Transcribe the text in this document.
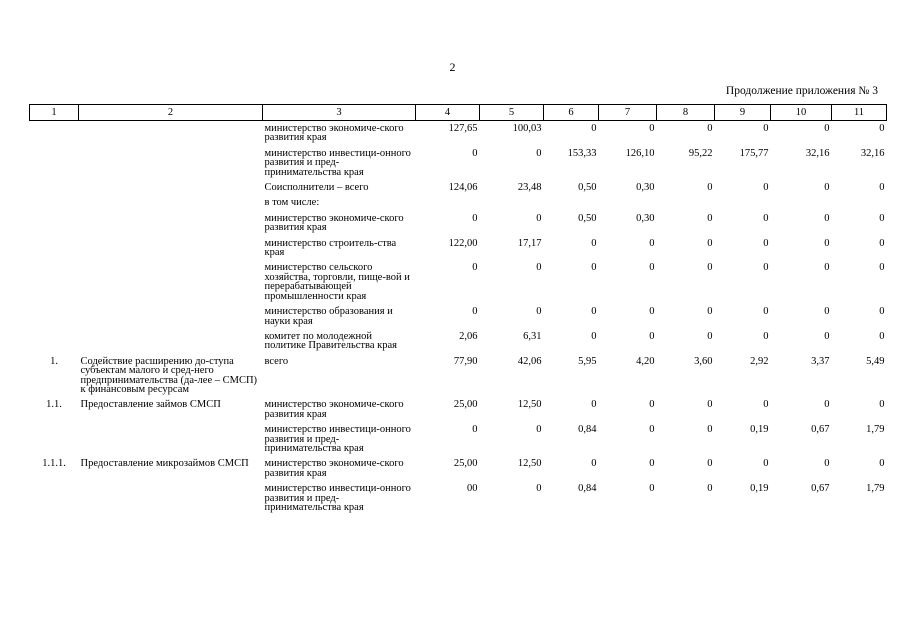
2
Продолжение приложения № 3
1	2	3	4	5	6	7	8	9	10	11
		министерство экономиче-ского развития края	127,65	100,03	0	0	0	0	0	0
		министерство инвестици-онного развития и пред-принимательства края	0	0	153,33	126,10	95,22	175,77	32,16	32,16
		Соисполнители – всего	124,06	23,48	0,50	0,30	0	0	0	0
		в том числе:								
		министерство экономиче-ского развития края	0	0	0,50	0,30	0	0	0	0
		министерство строитель-ства края	122,00	17,17	0	0	0	0	0	0
		министерство сельского хозяйства, торговли, пище-вой и перерабатывающей промышленности края	0	0	0	0	0	0	0	0
		министерство образования и науки края	0	0	0	0	0	0	0	0
		комитет по молодежной политике Правительства края	2,06	6,31	0	0	0	0	0	0
1.	Содействие расширению до-ступа субъектам малого и сред-него предпринимательства (да-лее – СМСП) к финансовым ресурсам	всего	77,90	42,06	5,95	4,20	3,60	2,92	3,37	5,49
1.1.	Предоставление займов СМСП	министерство экономиче-ского развития края	25,00	12,50	0	0	0	0	0	0
		министерство инвестици-онного развития и пред-принимательства края	0	0	0,84	0	0	0,19	0,67	1,79
1.1.1.	Предоставление микрозаймов СМСП	министерство экономиче-ского развития края	25,00	12,50	0	0	0	0	0	0
		министерство инвестици-онного развития и пред-принимательства края	00	0	0,84	0	0	0,19	0,67	1,79
